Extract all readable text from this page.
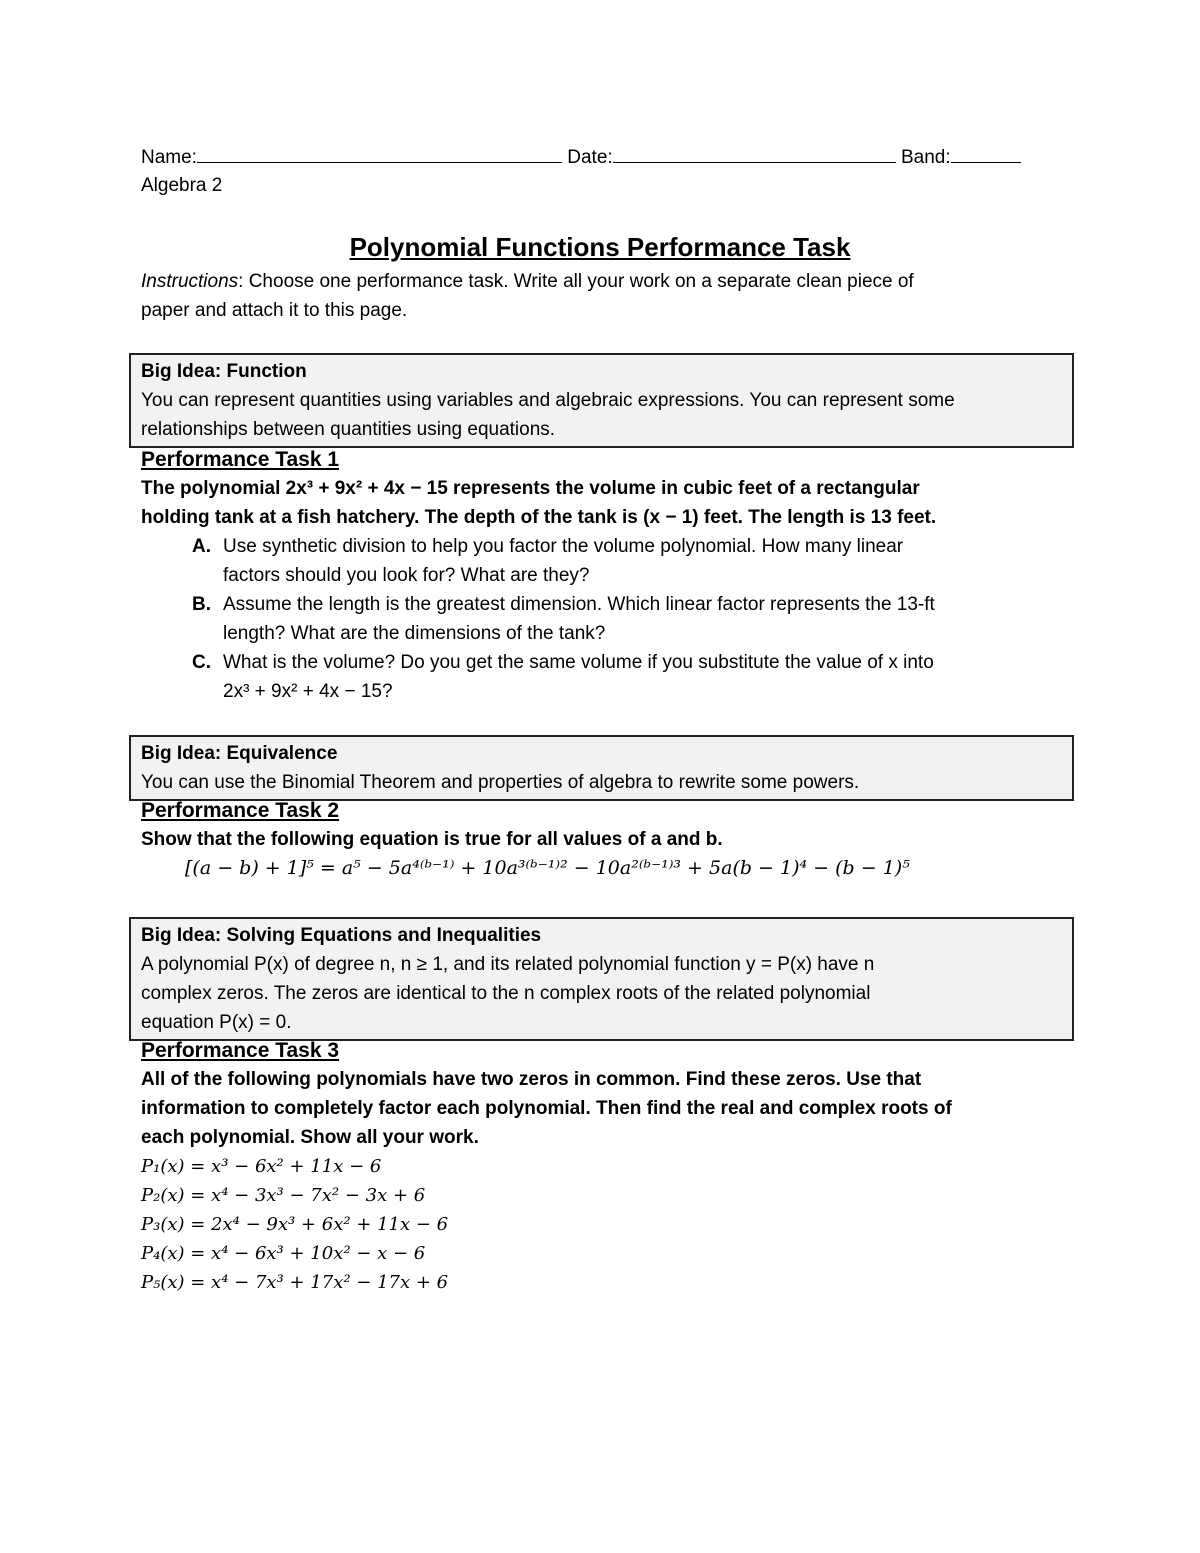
Name:	Date:	Band:
Algebra 2
Polynomial Functions Performance Task
Instructions: Choose one performance task. Write all your work on a separate clean piece of
paper and attach it to this page.
Big Idea: Function
You can represent quantities using variables and algebraic expressions. You can represent some
relationships between quantities using equations.
Performance Task 1
The polynomial 2x³ + 9x² + 4x − 15 represents the volume in cubic feet of a rectangular
holding tank at a fish hatchery. The depth of the tank is (x − 1) feet. The length is 13 feet.
A. Use synthetic division to help you factor the volume polynomial. How many linear
factors should you look for? What are they?
B. Assume the length is the greatest dimension. Which linear factor represents the 13-ft
length? What are the dimensions of the tank?
C. What is the volume? Do you get the same volume if you substitute the value of x into
2x³ + 9x² + 4x − 15?
Big Idea: Equivalence
You can use the Binomial Theorem and properties of algebra to rewrite some powers.
Performance Task 2
Show that the following equation is true for all values of a and b.
[(a − b) + 1]⁵ = a⁵ − 5a⁴⁽ᵇ⁻¹⁾ + 10a³⁽ᵇ⁻¹⁾² − 10a²⁽ᵇ⁻¹⁾³ + 5a(b − 1)⁴ − (b − 1)⁵
Big Idea: Solving Equations and Inequalities
A polynomial P(x) of degree n, n ≥ 1, and its related polynomial function y = P(x) have n
complex zeros. The zeros are identical to the n complex roots of the related polynomial
equation P(x) = 0.
Performance Task 3
All of the following polynomials have two zeros in common. Find these zeros. Use that
information to completely factor each polynomial. Then find the real and complex roots of
each polynomial. Show all your work.
P₁(x) = x³ − 6x² + 11x − 6
P₂(x) = x⁴ − 3x³ − 7x² − 3x + 6
P₃(x) = 2x⁴ − 9x³ + 6x² + 11x − 6
P₄(x) = x⁴ − 6x³ + 10x² − x − 6
P₅(x) = x⁴ − 7x³ + 17x² − 17x + 6
